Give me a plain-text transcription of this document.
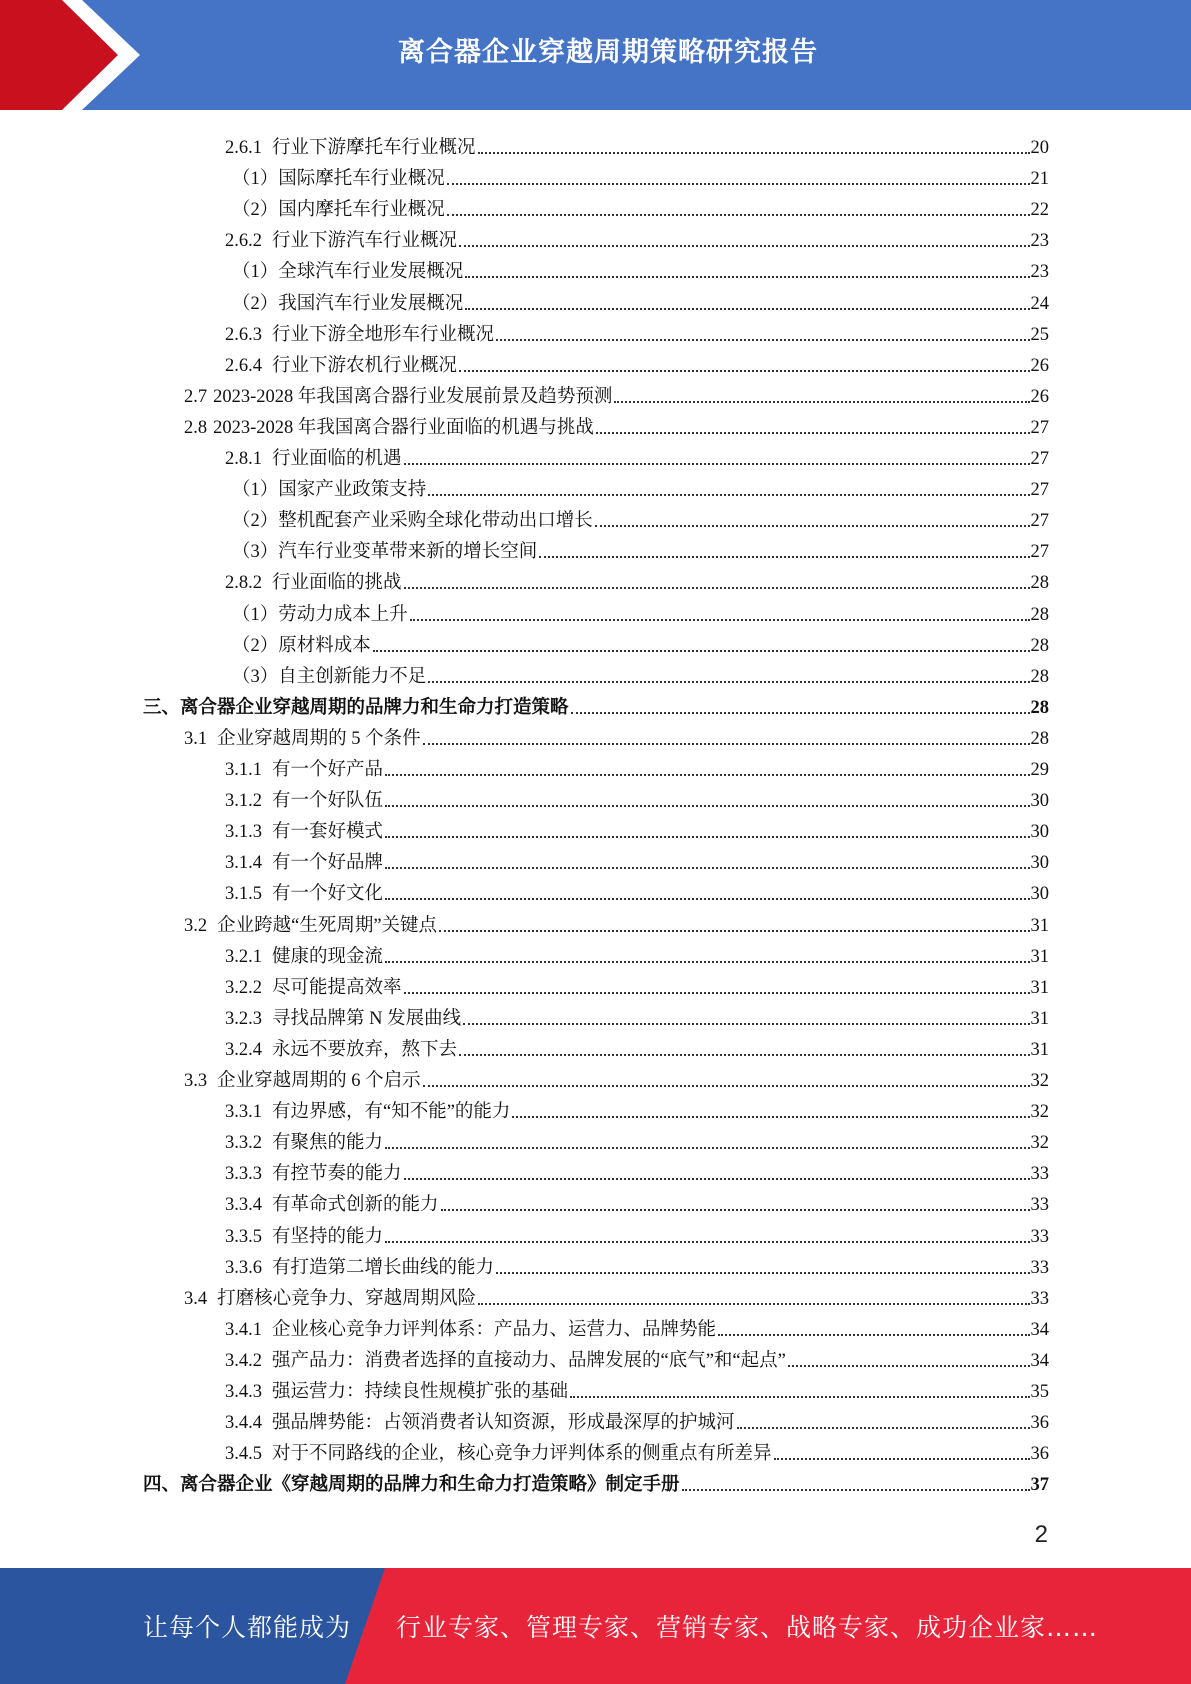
离合器企业穿越周期策略研究报告
2.6.1 行业下游摩托车行业概况	20
（1） 国际摩托车行业概况	21
（2） 国内摩托车行业概况	22
2.6.2 行业下游汽车行业概况	23
（1） 全球汽车行业发展概况	23
（2） 我国汽车行业发展概况	24
2.6.3 行业下游全地形车行业概况	25
2.6.4 行业下游农机行业概况	26
2.7 2023-2028 年我国离合器行业发展前景及趋势预测	26
2.8 2023-2028 年我国离合器行业面临的机遇与挑战	27
2.8.1 行业面临的机遇	27
（1） 国家产业政策支持	27
（2） 整机配套产业采购全球化带动出口增长	27
（3） 汽车行业变革带来新的增长空间	27
2.8.2 行业面临的挑战	28
（1） 劳动力成本上升	28
（2） 原材料成本	28
（3） 自主创新能力不足	28
三、 离合器企业穿越周期的品牌力和生命力打造策略	28
3.1 企业穿越周期的 5 个条件	28
3.1.1 有一个好产品	29
3.1.2 有一个好队伍	30
3.1.3 有一套好模式	30
3.1.4 有一个好品牌	30
3.1.5 有一个好文化	30
3.2 企业跨越“生死周期”关键点	31
3.2.1 健康的现金流	31
3.2.2 尽可能提高效率	31
3.2.3 寻找品牌第 N 发展曲线	31
3.2.4 永远不要放弃，熬下去	31
3.3 企业穿越周期的 6 个启示	32
3.3.1 有边界感，有“知不能”的能力	32
3.3.2 有聚焦的能力	32
3.3.3 有控节奏的能力	33
3.3.4 有革命式创新的能力	33
3.3.5 有坚持的能力	33
3.3.6 有打造第二增长曲线的能力	33
3.4 打磨核心竞争力、穿越周期风险	33
3.4.1 企业核心竞争力评判体系：产品力、运营力、品牌势能	34
3.4.2 强产品力：消费者选择的直接动力、品牌发展的“底气”和“起点”	34
3.4.3 强运营力：持续良性规模扩张的基础	35
3.4.4 强品牌势能：占领消费者认知资源，形成最深厚的护城河	36
3.4.5 对于不同路线的企业，核心竞争力评判体系的侧重点有所差异	36
四、 离合器企业《穿越周期的品牌力和生命力打造策略》制定手册	37
2
让每个人都能成为 行业专家、管理专家、营销专家、战略专家、成功企业家……
